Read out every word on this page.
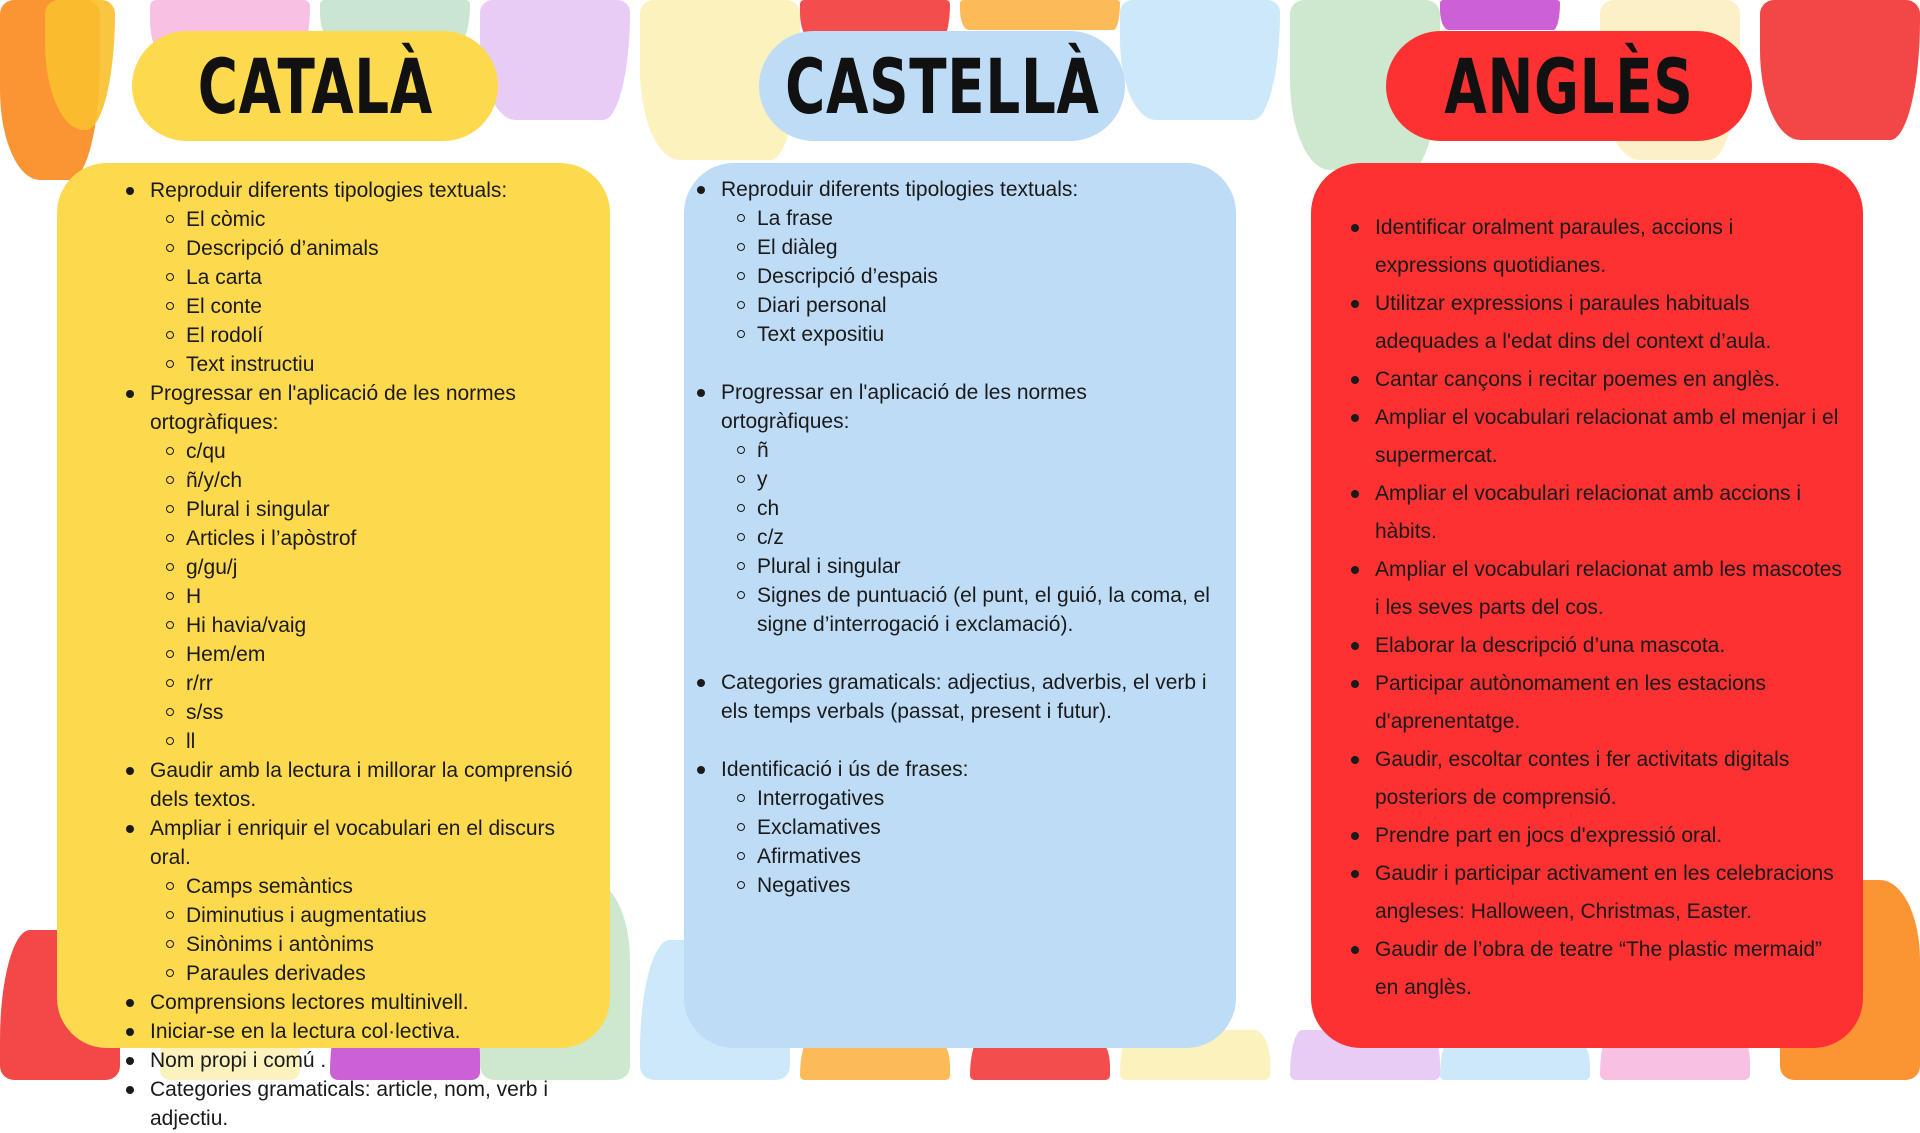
CATALÀ	CASTELLÀ	ANGLÈS
Reproduir diferents tipologies textuals:
El còmic
Descripció d’animals
La carta
El conte
El rodolí
Text instructiu
Progressar en l'aplicació de les normes ortogràfiques:
c/qu
ñ/y/ch
Plural i singular
Articles i l’apòstrof
g/gu/j
H
Hi havia/vaig
Hem/em
r/rr
s/ss
ll
Gaudir amb la lectura i millorar la comprensió dels textos.
Ampliar i enriquir el vocabulari en el discurs oral.
Camps semàntics
Diminutius i augmentatius
Sinònims i antònims
Paraules derivades
Comprensions lectores multinivell.
Iniciar-se en la lectura col·lectiva.
Nom propi i comú .
Categories gramaticals: article, nom, verb i adjectiu.
Reproduir diferents tipologies textuals:
La frase
El diàleg
Descripció d’espais
Diari personal
Text expositiu
Progressar en l'aplicació de les normes ortogràfiques:
ñ
y
ch
c/z
Plural i singular
Signes de puntuació (el punt, el guió, la coma, el signe d’interrogació i exclamació).
Categories gramaticals: adjectius, adverbis, el verb i els temps verbals (passat, present i futur).
Identificació i ús de frases:
Interrogatives
Exclamatives
Afirmatives
Negatives
Identificar oralment paraules, accions i expressions quotidianes.
Utilitzar expressions i paraules habituals adequades a l'edat dins del context d’aula.
Cantar cançons i recitar poemes en anglès.
Ampliar el vocabulari relacionat amb el menjar i el supermercat.
Ampliar el vocabulari relacionat amb accions i hàbits.
Ampliar el vocabulari relacionat amb les mascotes i les seves parts del cos.
Elaborar la descripció d’una mascota.
Participar autònomament en les estacions d'aprenentatge.
Gaudir, escoltar contes i fer activitats digitals posteriors de comprensió.
Prendre part en jocs d'expressió oral.
Gaudir i participar activament en les celebracions angleses: Halloween, Christmas, Easter.
Gaudir de l’obra de teatre “The plastic mermaid” en anglès.
